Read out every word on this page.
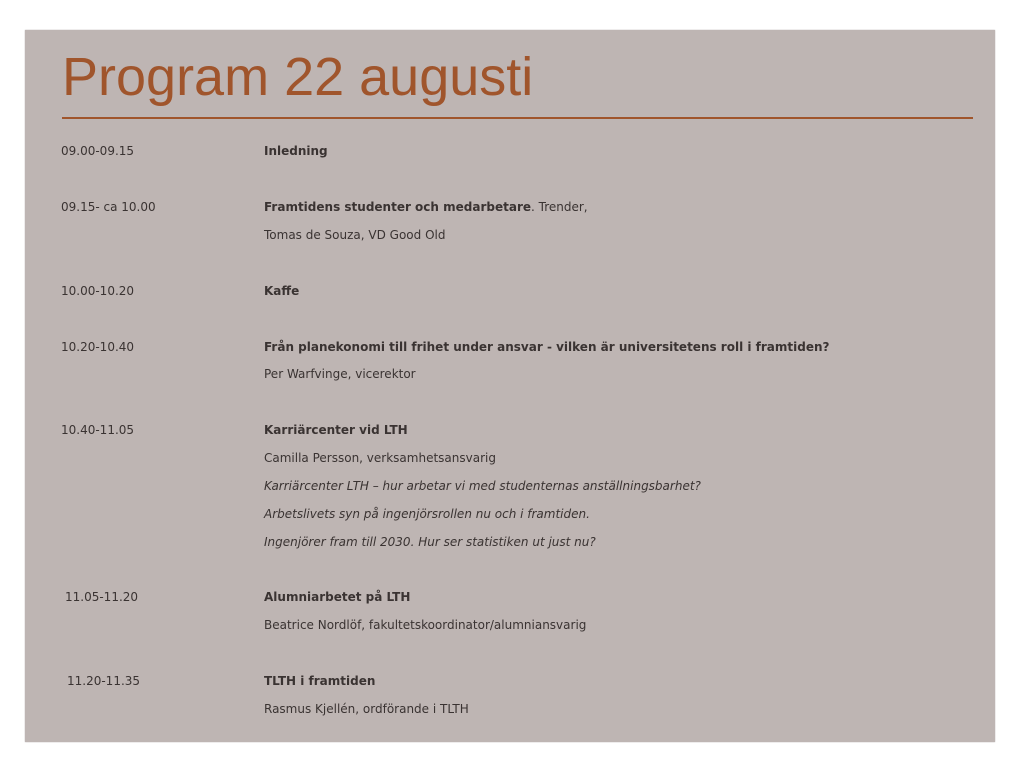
Program 22 augusti
09.00-09.15	Inledning
09.15- ca 10.00	Framtidens studenter och medarbetare. Trender,
Tomas de Souza, VD Good Old
10.00-10.20	Kaffe
10.20-10.40	Från planekonomi till frihet under ansvar - vilken är universitetens roll i framtiden?
Per Warfvinge, vicerektor
10.40-11.05	Karriärcenter vid LTH
Camilla Persson, verksamhetsansvarig
Karriärcenter LTH – hur arbetar vi med studenternas anställningsbarhet?
Arbetslivets syn på ingenjörsrollen nu och i framtiden.
Ingenjörer fram till 2030. Hur ser statistiken ut just nu?
11.05-11.20	Alumniarbetet på LTH
Beatrice Nordlöf, fakultetskoordinator/alumniansvarig
11.20-11.35	TLTH i framtiden
Rasmus Kjellén, ordförande i TLTH
